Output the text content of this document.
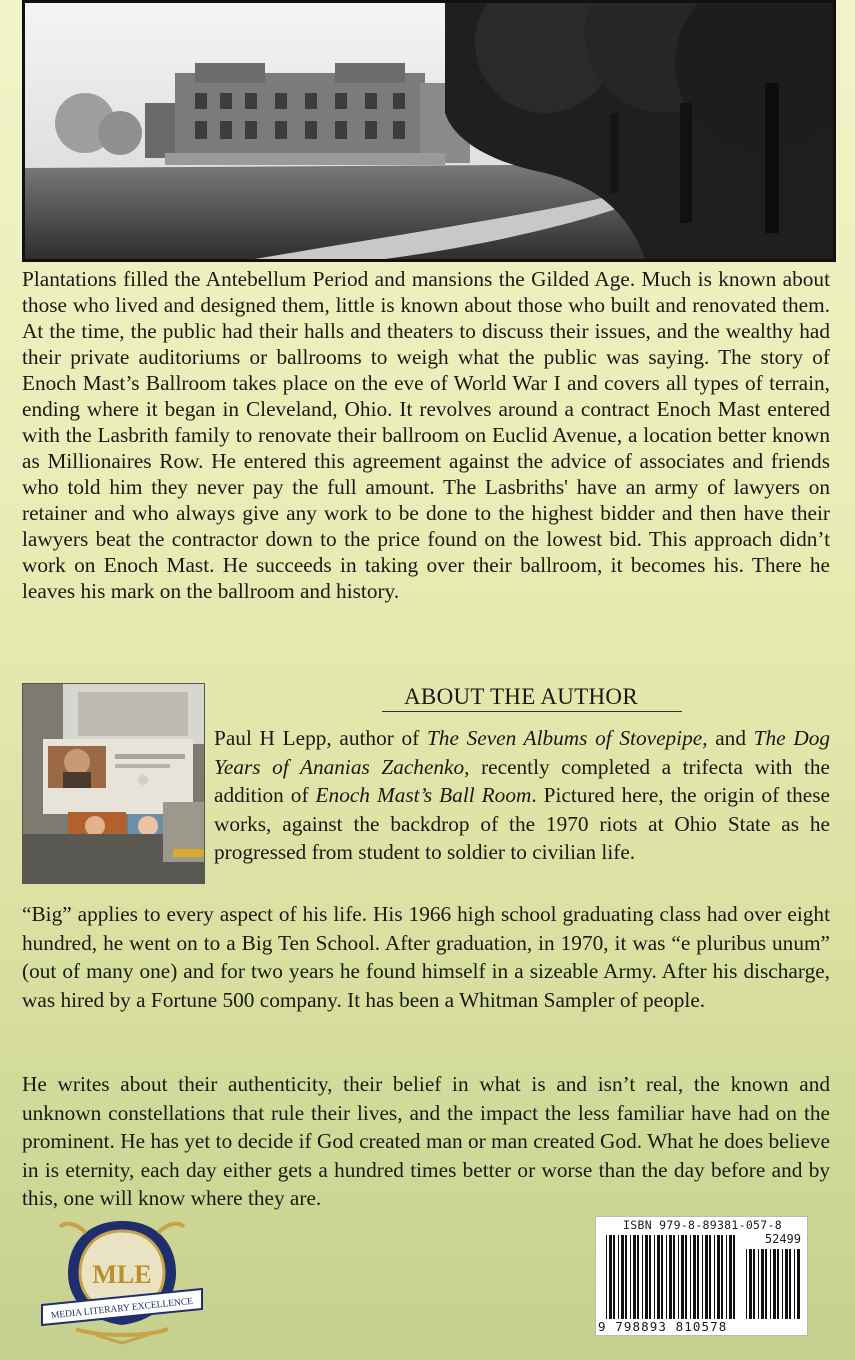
Plantations filled the Antebellum Period and mansions the Gilded Age. Much is known about those who lived and designed them, little is known about those who built and renovated them. At the time, the public had their halls and theaters to discuss their issues, and the wealthy had their private auditoriums or ballrooms to weigh what the public was saying. The story of Enoch Mast’s Ballroom takes place on the eve of World War I and covers all types of terrain, ending where it began in Cleveland, Ohio. It revolves around a contract Enoch Mast entered with the Lasbrith family to renovate their ballroom on Euclid Avenue, a location better known as Millionaires Row. He entered this agreement against the advice of associates and friends who told him they never pay the full amount. The Lasbriths' have an army of lawyers on retainer and who always give any work to be done to the highest bidder and then have their lawyers beat the contractor down to the price found on the lowest bid. This approach didn’t work on Enoch Mast. He succeeds in taking over their ballroom, it becomes his. There he leaves his mark on the ballroom and history.

ABOUT THE AUTHOR

Paul H Lepp, author of The Seven Albums of Stovepipe, and The Dog Years of Ananias Zachenko, recently completed a trifecta with the addition of Enoch Mast’s Ball Room. Pictured here, the origin of these works, against the backdrop of the 1970 riots at Ohio State as he progressed from student to soldier to civilian life.

“Big” applies to every aspect of his life. His 1966 high school graduating class had over eight hundred, he went on to a Big Ten School. After graduation, in 1970, it was “e pluribus unum” (out of many one) and for two years he found himself in a sizeable Army. After his discharge, was hired by a Fortune 500 company. It has been a Whitman Sampler of people.

He writes about their authenticity, their belief in what is and isn’t real, the known and unknown constellations that rule their lives, and the impact the less familiar have had on the prominent. He has yet to decide if God created man or man created God. What he does believe in is eternity, each day either gets a hundred times better or worse than the day before and by this, one will know where they are.

MLE
MEDIA LITERARY EXCELLENCE

ISBN 979-8-89381-057-8

52499

9 798893 810578
